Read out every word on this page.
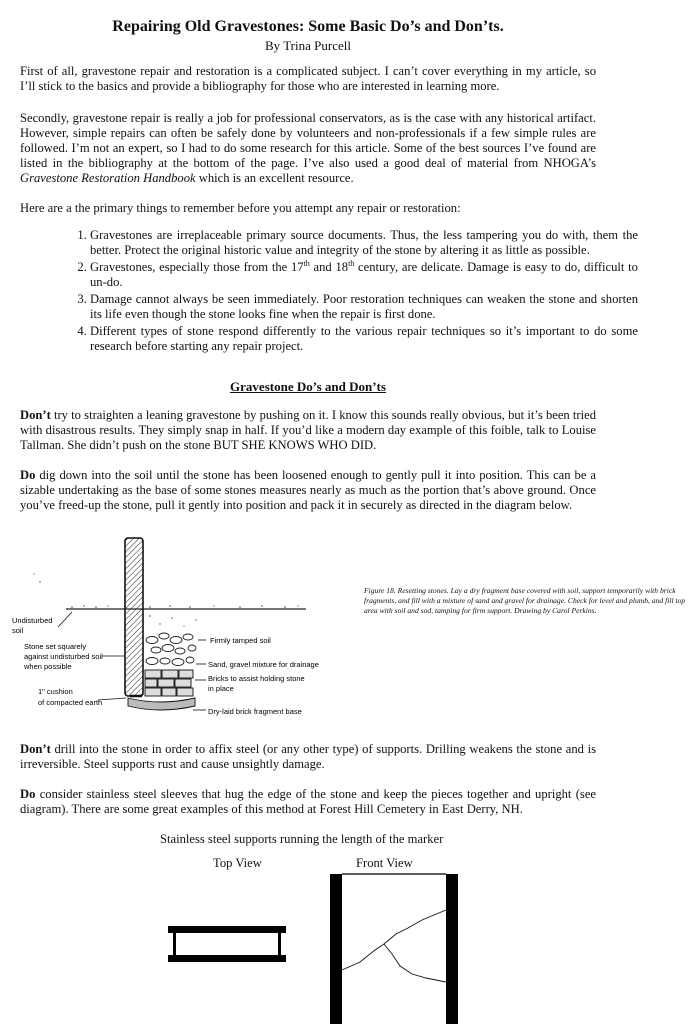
Repairing Old Gravestones: Some Basic Do’s and Don’ts.
By Trina Purcell

First of all, gravestone repair and restoration is a complicated subject. I can’t cover everything in my article, so I’ll stick to the basics and provide a bibliography for those who are interested in learning more.

Secondly, gravestone repair is really a job for professional conservators, as is the case with any historical artifact. However, simple repairs can often be safely done by volunteers and non-professionals if a few simple rules are followed. I’m not an expert, so I had to do some research for this article. Some of the best sources I’ve found are listed in the bibliography at the bottom of the page. I’ve also used a good deal of material from NHOGA’s Gravestone Restoration Handbook which is an excellent resource.

Here are a the primary things to remember before you attempt any repair or restoration:

1. Gravestones are irreplaceable primary source documents. Thus, the less tampering you do with, them the better. Protect the original historic value and integrity of the stone by altering it as little as possible.
2. Gravestones, especially those from the 17th and 18th century, are delicate. Damage is easy to do, difficult to un-do.
3. Damage cannot always be seen immediately. Poor restoration techniques can weaken the stone and shorten its life even though the stone looks fine when the repair is first done.
4. Different types of stone respond differently to the various repair techniques so it’s important to do some research before starting any repair project.
Gravestone Do’s and Don’ts

Don’t try to straighten a leaning gravestone by pushing on it. I know this sounds really obvious, but it’s been tried with disastrous results. They simply snap in half. If you’d like a modern day example of this foible, talk to Louise Tallman. She didn’t push on the stone BUT SHE KNOWS WHO DID.

Do dig down into the soil until the stone has been loosened enough to gently pull it into position. This can be a sizable undertaking as the base of some stones measures nearly as much as the portion that’s above ground. Once you’ve freed-up the stone, pull it gently into position and pack it in securely as directed in the diagram below.

Undisturbed
soil
Stone set squarely
against undisturbed soil
when possible
1" cushion
of compacted earth
Firmly tamped soil
Sand, gravel mixture for drainage
Bricks to assist holding stone
in place
Dry-laid brick fragment base
Figure 18. Resetting stones. Lay a dry fragment base covered with soil, support temporarily with brick fragments, and fill with a mixture of sand and gravel for drainage. Check for level and plumb, and fill top area with soil and sod, tamping for firm support. Drawing by Carol Perkins.

Don’t drill into the stone in order to affix steel (or any other type) of supports. Drilling weakens the stone and is irreversible. Steel supports rust and cause unsightly damage.

Do consider stainless steel sleeves that hug the edge of the stone and keep the pieces together and upright (see diagram). There are some great examples of this method at Forest Hill Cemetery in East Derry, NH.

Stainless steel supports running the length of the marker
Top View	Front View
